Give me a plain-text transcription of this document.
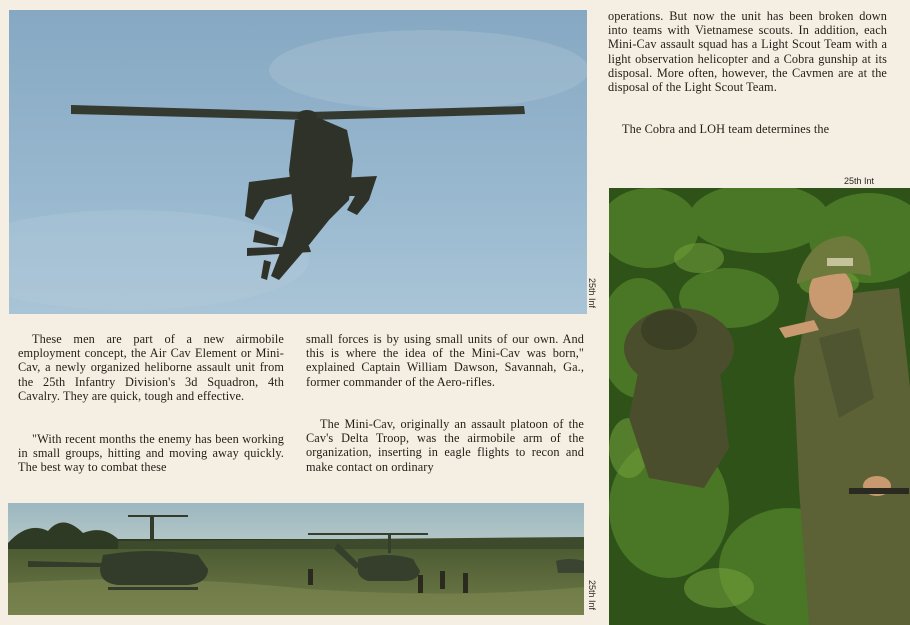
25th Inf

These men are part of a new airmobile employment concept, the Air Cav Element or Mini-Cav, a newly organized heliborne assault unit from the 25th Infantry Division's 3d Squadron, 4th Cavalry. They are quick, tough and effective.

"With recent months the enemy has been working in small groups, hitting and moving away quickly. The best way to combat these

small forces is by using small units of our own. And this is where the idea of the Mini-Cav was born," explained Captain William Dawson, Savannah, Ga., former commander of the Aero-rifles.

The Mini-Cav, originally an assault platoon of the Cav's Delta Troop, was the airmobile arm of the organization, inserting in eagle flights to recon and make contact on ordinary

operations. But now the unit has been broken down into teams with Vietnamese scouts. In addition, each Mini-Cav assault squad has a Light Scout Team with a light observation helicopter and a Cobra gunship at its disposal. More often, however, the Cavmen are at the disposal of the Light Scout Team.

The Cobra and LOH team determines the

25th Inf
25th Int
